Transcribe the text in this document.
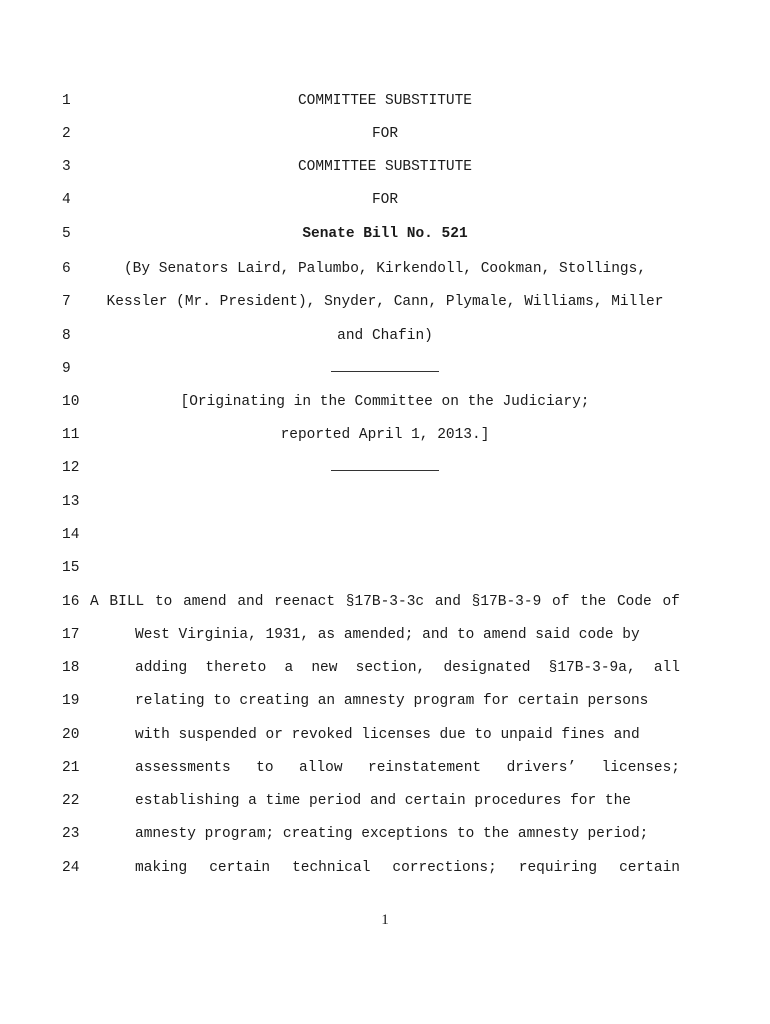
1
2
3
4
5
6
7
8
9
10
11
12
13
14
15
16
17
18
19
20
21
22
23
24
COMMITTEE SUBSTITUTE
FOR
COMMITTEE SUBSTITUTE
FOR
Senate Bill No. 521
(By Senators Laird, Palumbo, Kirkendoll, Cookman, Stollings,
Kessler (Mr. President), Snyder, Cann, Plymale, Williams, Miller
and Chafin)
[Originating in the Committee on the Judiciary;
reported April 1, 2013.]
A BILL to amend and reenact §17B-3-3c and §17B-3-9 of the Code of
West Virginia, 1931, as amended; and to amend said code by
adding thereto a new section, designated §17B-3-9a, all
relating to creating an amnesty program for certain persons
with suspended or revoked licenses due to unpaid fines and
assessments to allow reinstatement drivers’ licenses;
establishing a time period and certain procedures for the
amnesty program; creating exceptions to the amnesty period;
making certain technical corrections; requiring certain
1
